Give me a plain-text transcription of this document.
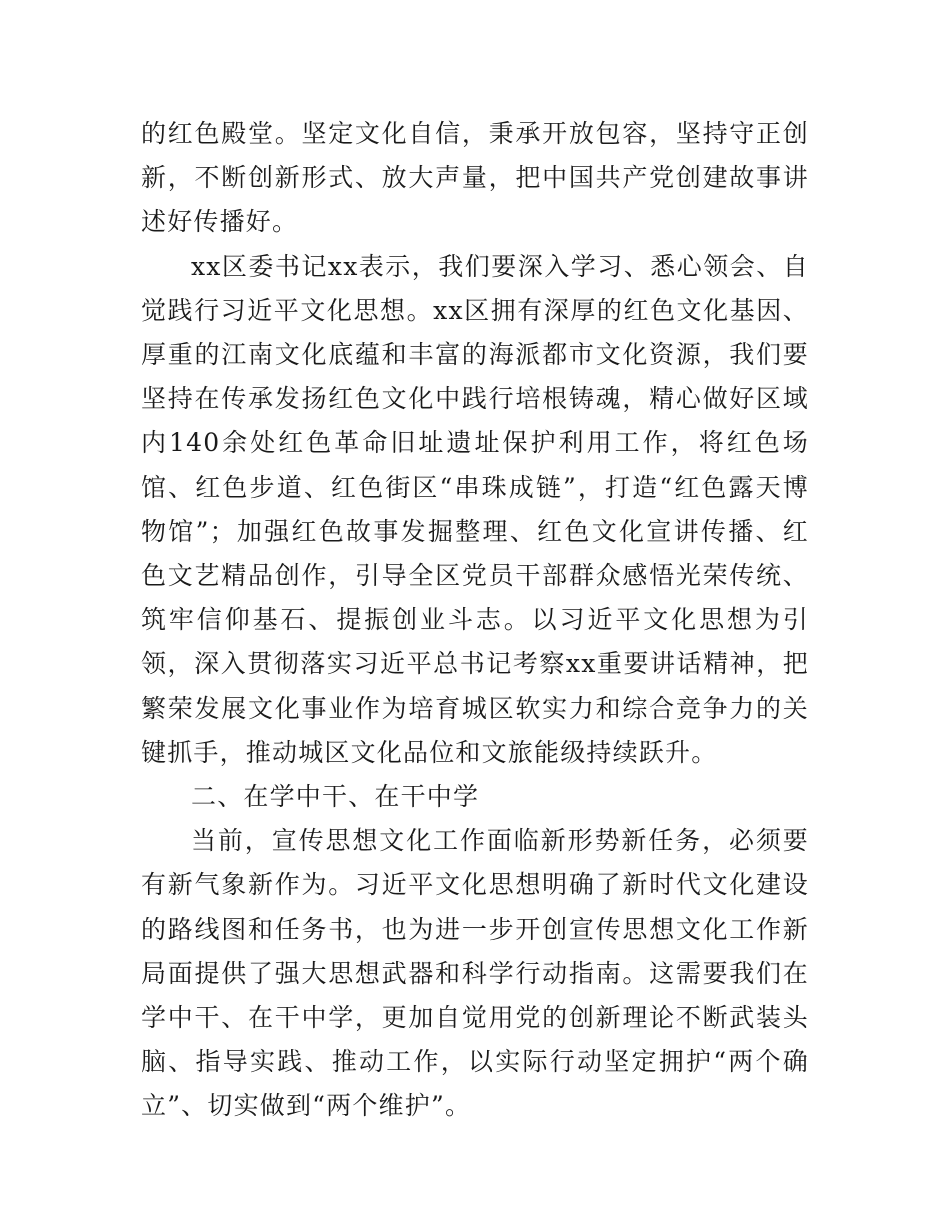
的红色殿堂。坚定文化自信，秉承开放包容，坚持守正创新，不断创新形式、放大声量，把中国共产党创建故事讲述好传播好。

xx区委书记xx表示，我们要深入学习、悉心领会、自觉践行习近平文化思想。xx区拥有深厚的红色文化基因、厚重的江南文化底蕴和丰富的海派都市文化资源，我们要坚持在传承发扬红色文化中践行培根铸魂，精心做好区域内140余处红色革命旧址遗址保护利用工作，将红色场馆、红色步道、红色街区“串珠成链”，打造“红色露天博物馆”；加强红色故事发掘整理、红色文化宣讲传播、红色文艺精品创作，引导全区党员干部群众感悟光荣传统、筑牢信仰基石、提振创业斗志。以习近平文化思想为引领，深入贯彻落实习近平总书记考察xx重要讲话精神，把繁荣发展文化事业作为培育城区软实力和综合竞争力的关键抓手，推动城区文化品位和文旅能级持续跃升。

二、在学中干、在干中学

当前，宣传思想文化工作面临新形势新任务，必须要有新气象新作为。习近平文化思想明确了新时代文化建设的路线图和任务书，也为进一步开创宣传思想文化工作新局面提供了强大思想武器和科学行动指南。这需要我们在学中干、在干中学，更加自觉用党的创新理论不断武装头脑、指导实践、推动工作，以实际行动坚定拥护“两个确立”、切实做到“两个维护”。
